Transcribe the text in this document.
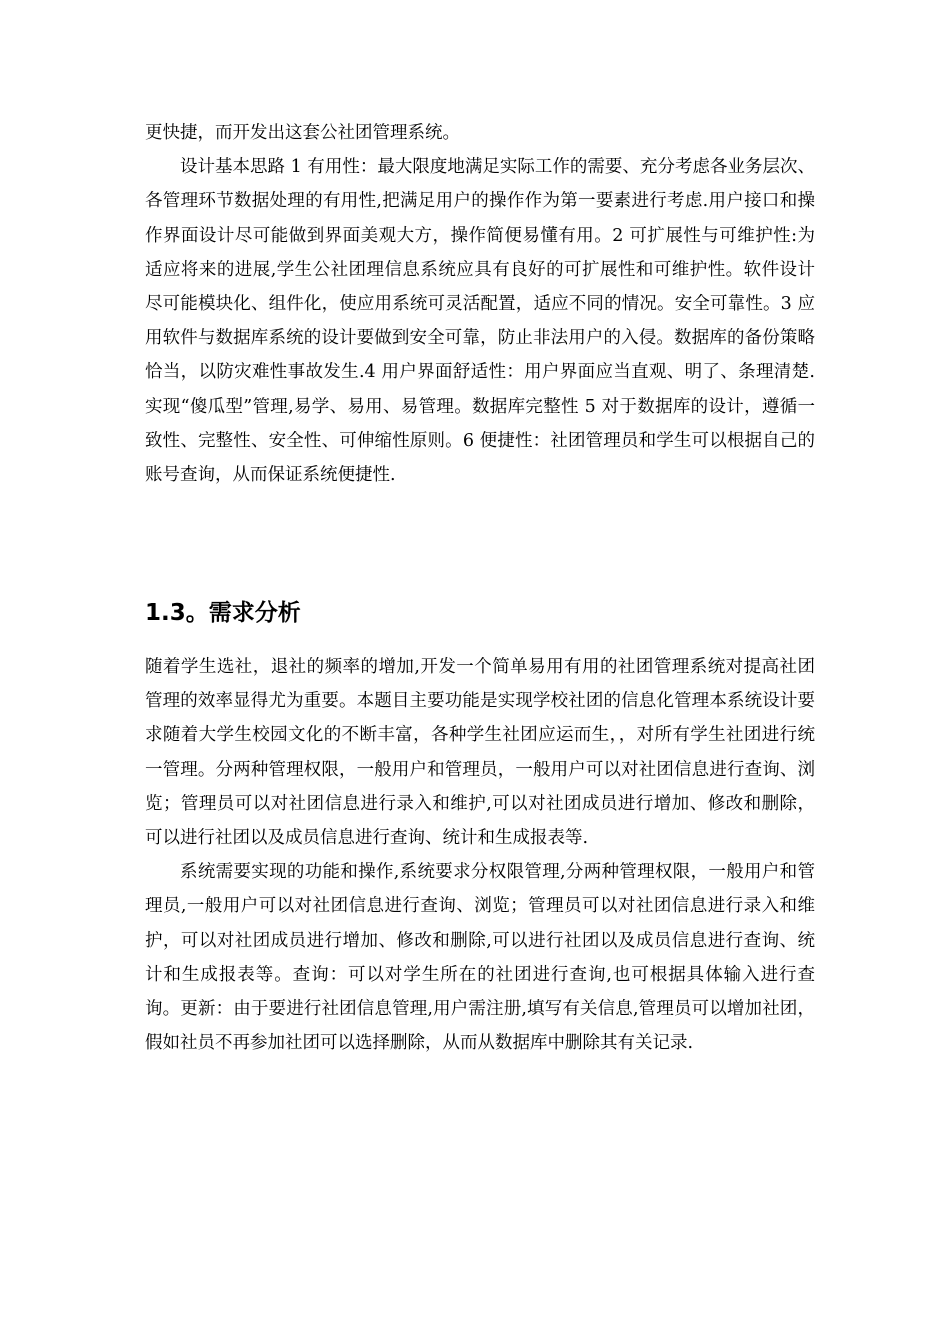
更快捷，而开发出这套公社团管理系统。

设计基本思路 1 有用性：最大限度地满足实际工作的需要、充分考虑各业务层次、各管理环节数据处理的有用性,把满足用户的操作作为第一要素进行考虑.用户接口和操作界面设计尽可能做到界面美观大方，操作简便易懂有用。2 可扩展性与可维护性:为适应将来的进展,学生公社团理信息系统应具有良好的可扩展性和可维护性。软件设计尽可能模块化、组件化，使应用系统可灵活配置，适应不同的情况。安全可靠性。3 应用软件与数据库系统的设计要做到安全可靠，防止非法用户的入侵。数据库的备份策略恰当，以防灾难性事故发生.4 用户界面舒适性：用户界面应当直观、明了、条理清楚.实现“傻瓜型”管理,易学、易用、易管理。数据库完整性 5 对于数据库的设计，遵循一致性、完整性、安全性、可伸缩性原则。6 便捷性：社团管理员和学生可以根据自己的账号查询，从而保证系统便捷性.

1.3。需求分析

随着学生选社，退社的频率的增加,开发一个简单易用有用的社团管理系统对提高社团管理的效率显得尤为重要。本题目主要功能是实现学校社团的信息化管理本系统设计要求随着大学生校园文化的不断丰富，各种学生社团应运而生，，对所有学生社团进行统一管理。分两种管理权限，一般用户和管理员，一般用户可以对社团信息进行查询、浏览；管理员可以对社团信息进行录入和维护,可以对社团成员进行增加、修改和删除，可以进行社团以及成员信息进行查询、统计和生成报表等.

系统需要实现的功能和操作,系统要求分权限管理,分两种管理权限，一般用户和管理员,一般用户可以对社团信息进行查询、浏览；管理员可以对社团信息进行录入和维护，可以对社团成员进行增加、修改和删除,可以进行社团以及成员信息进行查询、统计和生成报表等。查询：可以对学生所在的社团进行查询,也可根据具体输入进行查询。更新：由于要进行社团信息管理,用户需注册,填写有关信息,管理员可以增加社团，假如社员不再参加社团可以选择删除，从而从数据库中删除其有关记录.
